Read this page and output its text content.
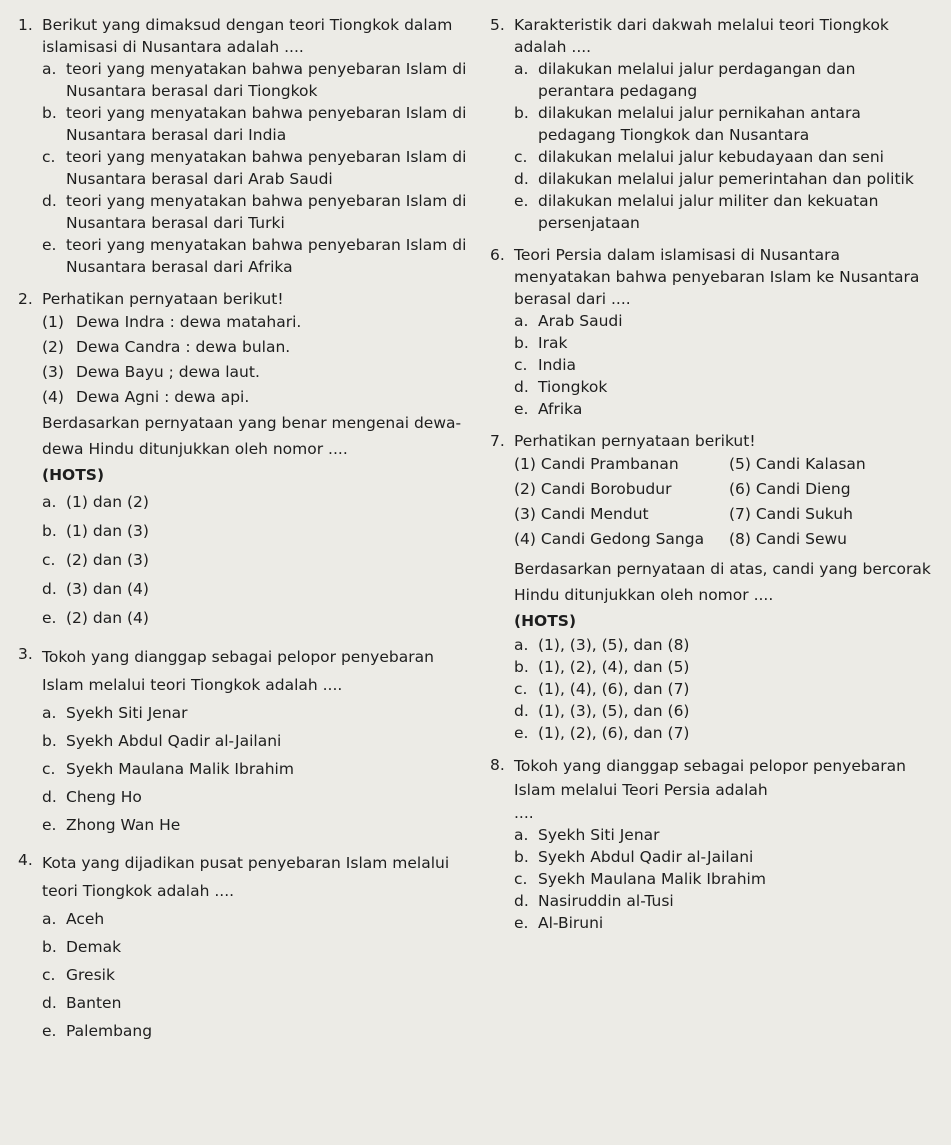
1. Berikut yang dimaksud dengan teori Tiongkok dalam islamisasi di Nusantara adalah ....
a. teori yang menyatakan bahwa penyebaran Islam di Nusantara berasal dari Tiongkok
b. teori yang menyatakan bahwa penyebaran Islam di Nusantara berasal dari India
c. teori yang menyatakan bahwa penyebaran Islam di Nusantara berasal dari Arab Saudi
d. teori yang menyatakan bahwa penyebaran Islam di Nusantara berasal dari Turki
e. teori yang menyatakan bahwa penyebaran Islam di Nusantara berasal dari Afrika
2. Perhatikan pernyataan berikut!
(1) Dewa Indra : dewa matahari.
(2) Dewa Candra : dewa bulan.
(3) Dewa Bayu ; dewa laut.
(4) Dewa Agni : dewa api.
Berdasarkan pernyataan yang benar mengenai dewa-dewa Hindu ditunjukkan oleh nomor ....
(HOTS)
a. (1) dan (2)
b. (1) dan (3)
c. (2) dan (3)
d. (3) dan (4)
e. (2) dan (4)
3. Tokoh yang dianggap sebagai pelopor penyebaran Islam melalui teori Tiongkok adalah ....
a. Syekh Siti Jenar
b. Syekh Abdul Qadir al-Jailani
c. Syekh Maulana Malik Ibrahim
d. Cheng Ho
e. Zhong Wan He
4. Kota yang dijadikan pusat penyebaran Islam melalui teori Tiongkok adalah ....
a. Aceh
b. Demak
c. Gresik
d. Banten
e. Palembang
5. Karakteristik dari dakwah melalui teori Tiongkok adalah ....
a. dilakukan melalui jalur perdagangan dan perantara pedagang
b. dilakukan melalui jalur pernikahan antara pedagang Tiongkok dan Nusantara
c. dilakukan melalui jalur kebudayaan dan seni
d. dilakukan melalui jalur pemerintahan dan politik
e. dilakukan melalui jalur militer dan kekuatan persenjataan
6. Teori Persia dalam islamisasi di Nusantara menyatakan bahwa penyebaran Islam ke Nusantara berasal dari ....
a. Arab Saudi
b. Irak
c. India
d. Tiongkok
e. Afrika
7. Perhatikan pernyataan berikut!
(1) Candi Prambanan	(5) Candi Kalasan
(2) Candi Borobudur	(6) Candi Dieng
(3) Candi Mendut	(7) Candi Sukuh
(4) Candi Gedong Sanga	(8) Candi Sewu
Berdasarkan pernyataan di atas, candi yang bercorak Hindu ditunjukkan oleh nomor ....
(HOTS)
a. (1), (3), (5), dan (8)
b. (1), (2), (4), dan (5)
c. (1), (4), (6), dan (7)
d. (1), (3), (5), dan (6)
e. (1), (2), (6), dan (7)
8. Tokoh yang dianggap sebagai pelopor penyebaran Islam melalui Teori Persia adalah
....
a. Syekh Siti Jenar
b. Syekh Abdul Qadir al-Jailani
c. Syekh Maulana Malik Ibrahim
d. Nasiruddin al-Tusi
e. Al-Biruni
